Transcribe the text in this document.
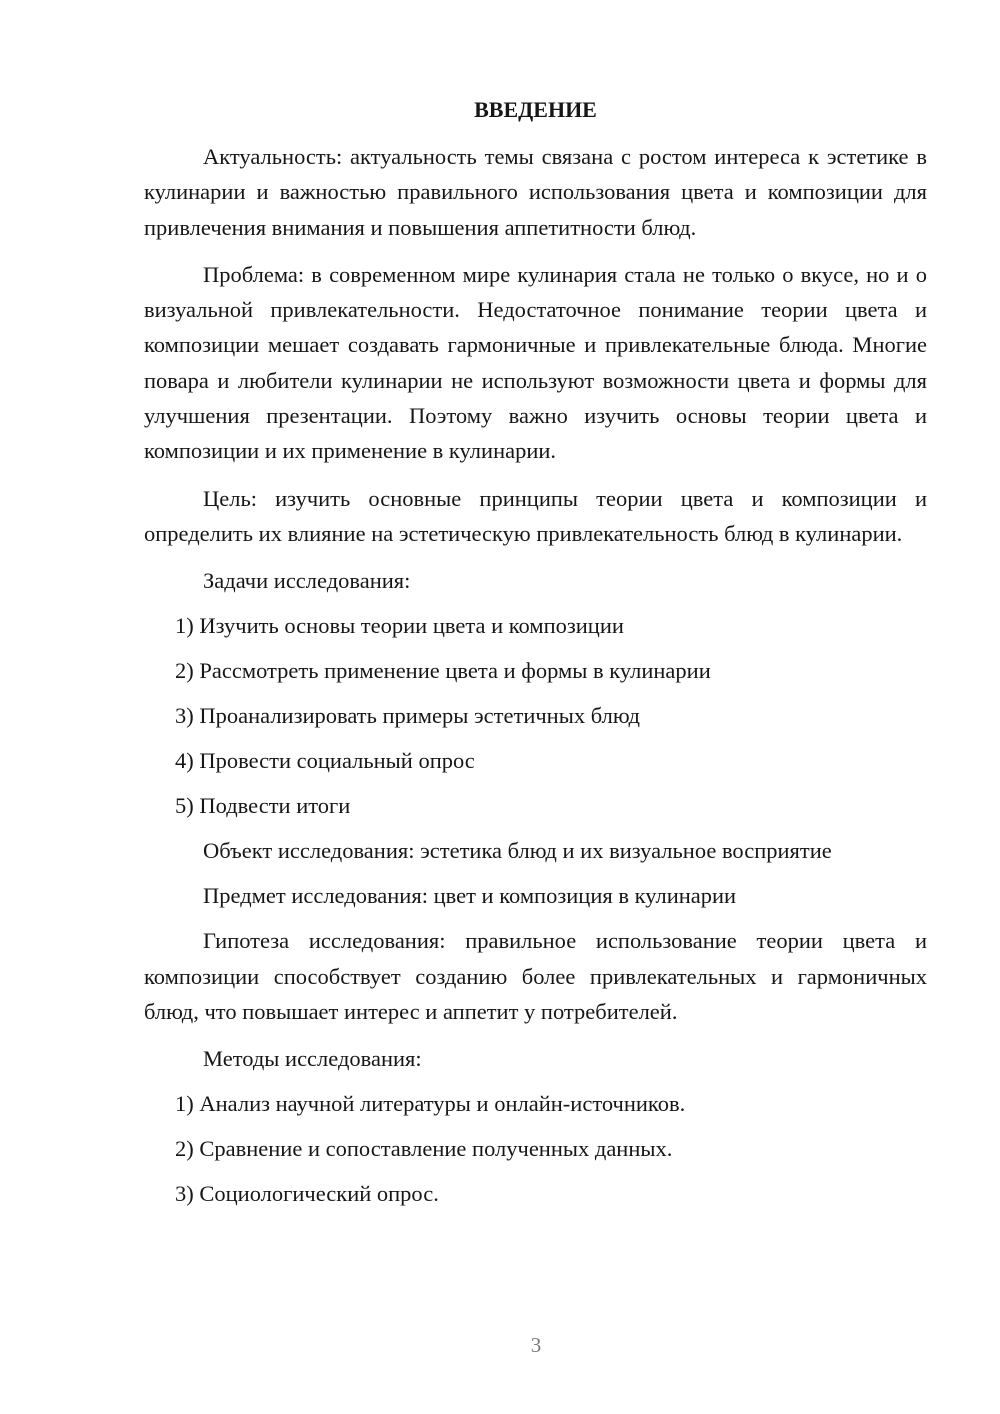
ВВЕДЕНИЕ

Актуальность: актуальность темы связана с ростом интереса к эстетике в кулинарии и важностью правильного использования цвета и композиции для привлечения внимания и повышения аппетитности блюд.

Проблема: в современном мире кулинария стала не только о вкусе, но и о визуальной привлекательности. Недостаточное понимание теории цвета и композиции мешает создавать гармоничные и привлекательные блюда. Многие повара и любители кулинарии не используют возможности цвета и формы для улучшения презентации. Поэтому важно изучить основы теории цвета и композиции и их применение в кулинарии.

Цель: изучить основные принципы теории цвета и композиции и определить их влияние на эстетическую привлекательность блюд в кулинарии.

Задачи исследования:
1) Изучить основы теории цвета и композиции
2) Рассмотреть применение цвета и формы в кулинарии
3) Проанализировать примеры эстетичных блюд
4) Провести социальный опрос
5) Подвести итоги
Объект исследования: эстетика блюд и их визуальное восприятие
Предмет исследования: цвет и композиция в кулинарии

Гипотеза исследования: правильное использование теории цвета и композиции способствует созданию более привлекательных и гармоничных блюд, что повышает интерес и аппетит у потребителей.

Методы исследования:
1) Анализ научной литературы и онлайн-источников.
2) Сравнение и сопоставление полученных данных.
3) Социологический опрос.
3
